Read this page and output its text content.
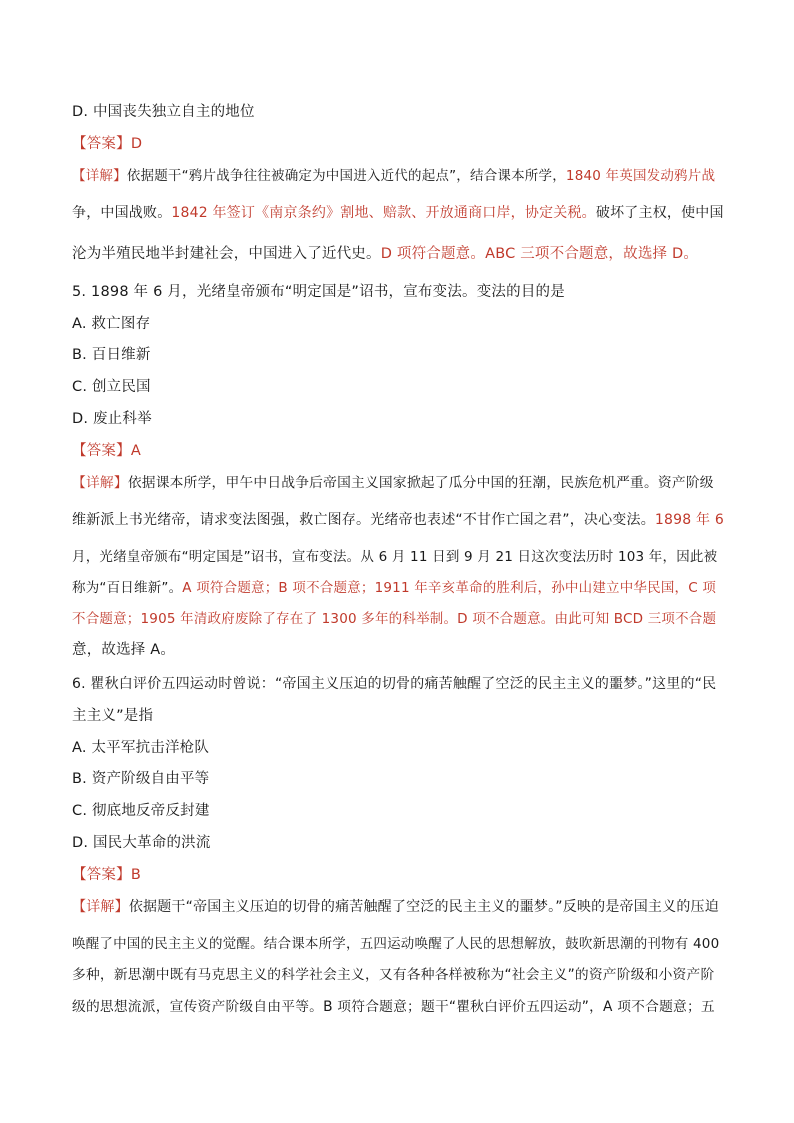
D. 中国丧失独立自主的地位
【答案】D
【详解】依据题干“鸦片战争往往被确定为中国进入近代的起点”，结合课本所学，1840 年英国发动鸦片战
争，中国战败。1842 年签订《南京条约》割地、赔款、开放通商口岸，协定关税。破坏了主权，使中国
沦为半殖民地半封建社会，中国进入了近代史。D 项符合题意。ABC 三项不合题意，故选择 D。
5. 1898 年 6 月，光绪皇帝颁布“明定国是”诏书，宣布变法。变法的目的是
A. 救亡图存
B. 百日维新
C. 创立民国
D. 废止科举
【答案】A
【详解】依据课本所学，甲午中日战争后帝国主义国家掀起了瓜分中国的狂潮，民族危机严重。资产阶级
维新派上书光绪帝，请求变法图强，救亡图存。光绪帝也表述“不甘作亡国之君”，决心变法。1898 年 6
月，光绪皇帝颁布“明定国是”诏书，宣布变法。从 6 月 11 日到 9 月 21 日这次变法历时 103 年，因此被
称为“百日维新”。A 项符合题意；B 项不合题意；1911 年辛亥革命的胜利后，孙中山建立中华民国，C 项
不合题意；1905 年清政府废除了存在了 1300 多年的科举制。D 项不合题意。由此可知 BCD 三项不合题
意，故选择 A。
6. 瞿秋白评价五四运动时曾说：“帝国主义压迫的切骨的痛苦触醒了空泛的民主主义的噩梦。”这里的“民
主主义”是指
A. 太平军抗击洋枪队
B. 资产阶级自由平等
C. 彻底地反帝反封建
D. 国民大革命的洪流
【答案】B
【详解】依据题干“帝国主义压迫的切骨的痛苦触醒了空泛的民主主义的噩梦。”反映的是帝国主义的压迫
唤醒了中国的民主主义的觉醒。结合课本所学，五四运动唤醒了人民的思想解放，鼓吹新思潮的刊物有 400
多种，新思潮中既有马克思主义的科学社会主义，又有各种各样被称为“社会主义”的资产阶级和小资产阶
级的思想流派，宣传资产阶级自由平等。B 项符合题意；题干“瞿秋白评价五四运动”，A 项不合题意；五
